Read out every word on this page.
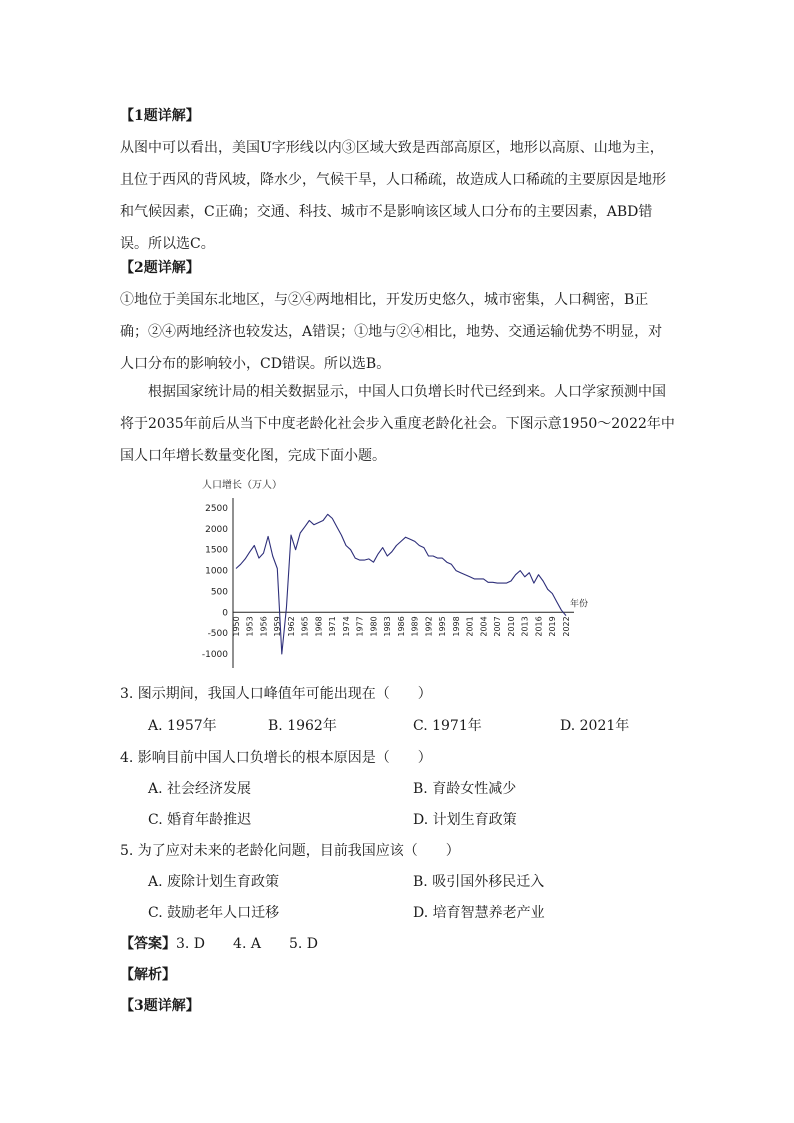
【1题详解】
从图中可以看出，美国U字形线以内③区域大致是西部高原区，地形以高原、山地为主，且位于西风的背风坡，降水少，气候干旱，人口稀疏，故造成人口稀疏的主要原因是地形和气候因素，C正确；交通、科技、城市不是影响该区域人口分布的主要因素，ABD错误。所以选C。
【2题详解】
①地位于美国东北地区，与②④两地相比，开发历史悠久，城市密集，人口稠密，B正确；②④两地经济也较发达，A错误；①地与②④相比，地势、交通运输优势不明显，对人口分布的影响较小，CD错误。所以选B。
根据国家统计局的相关数据显示，中国人口负增长时代已经到来。人口学家预测中国将于2035年前后从当下中度老龄化社会步入重度老龄化社会。下图示意1950～2022年中国人口年增长数量变化图，完成下面小题。
人口增长（万人）
2500
2000
1500
1000
500
0
-500
-1000
1950 1953 1956 1959 1962 1965 1968 1971 1974 1977 1980 1983 1986 1989 1992 1995 1998 2001 2004 2007 2010 2013 2016 2019 2022
年份
3. 图示期间，我国人口峰值年可能出现在（　　）
A. 1957年	B. 1962年	C. 1971年	D. 2021年
4. 影响目前中国人口负增长的根本原因是（　　）
A. 社会经济发展	B. 育龄女性减少
C. 婚育年龄推迟	D. 计划生育政策
5. 为了应对未来的老龄化问题，目前我国应该（　　）
A. 废除计划生育政策	B. 吸引国外移民迁入
C. 鼓励老年人口迁移	D. 培育智慧养老产业
【答案】3. D　　4. A　　5. D
【解析】
【3题详解】
